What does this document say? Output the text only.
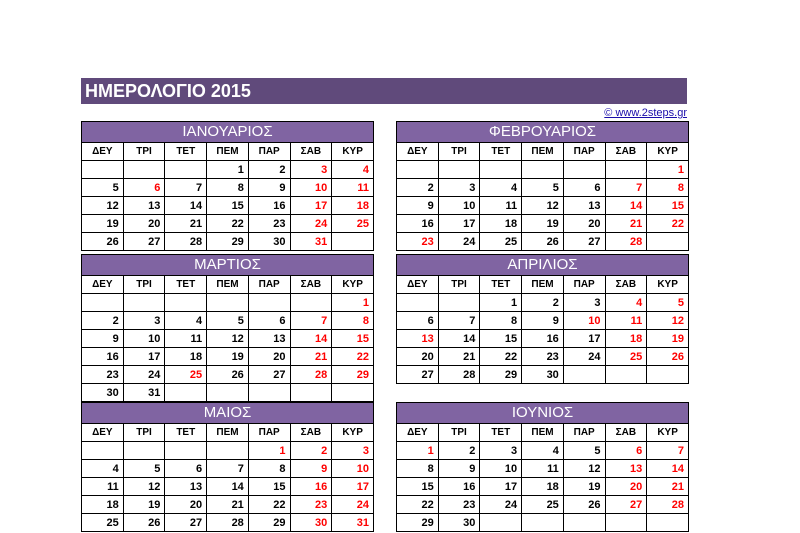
ΗΜΕΡΟΛΟΓΙΟ 2015
© www.2steps.gr
ΙΑΝΟΥΑΡΙΟΣ						
ΔΕΥ	ΤΡΙ	ΤΕΤ	ΠΕΜ	ΠΑΡ	ΣΑΒ	ΚΥΡ
			1	2	3	4
5	6	7	8	9	10	11
12	13	14	15	16	17	18
19	20	21	22	23	24	25
26	27	28	29	30	31	
ΦΕΒΡΟΥΑΡΙΟΣ						
ΔΕΥ	ΤΡΙ	ΤΕΤ	ΠΕΜ	ΠΑΡ	ΣΑΒ	ΚΥΡ
						1
2	3	4	5	6	7	8
9	10	11	12	13	14	15
16	17	18	19	20	21	22
23	24	25	26	27	28	
ΜΑΡΤΙΟΣ						
ΔΕΥ	ΤΡΙ	ΤΕΤ	ΠΕΜ	ΠΑΡ	ΣΑΒ	ΚΥΡ
						1
2	3	4	5	6	7	8
9	10	11	12	13	14	15
16	17	18	19	20	21	22
23	24	25	26	27	28	29
30	31					
ΑΠΡΙΛΙΟΣ						
ΔΕΥ	ΤΡΙ	ΤΕΤ	ΠΕΜ	ΠΑΡ	ΣΑΒ	ΚΥΡ
		1	2	3	4	5
6	7	8	9	10	11	12
13	14	15	16	17	18	19
20	21	22	23	24	25	26
27	28	29	30			
ΜΑΙΟΣ						
ΔΕΥ	ΤΡΙ	ΤΕΤ	ΠΕΜ	ΠΑΡ	ΣΑΒ	ΚΥΡ
				1	2	3
4	5	6	7	8	9	10
11	12	13	14	15	16	17
18	19	20	21	22	23	24
25	26	27	28	29	30	31
ΙΟΥΝΙΟΣ						
ΔΕΥ	ΤΡΙ	ΤΕΤ	ΠΕΜ	ΠΑΡ	ΣΑΒ	ΚΥΡ
1	2	3	4	5	6	7
8	9	10	11	12	13	14
15	16	17	18	19	20	21
22	23	24	25	26	27	28
29	30					
